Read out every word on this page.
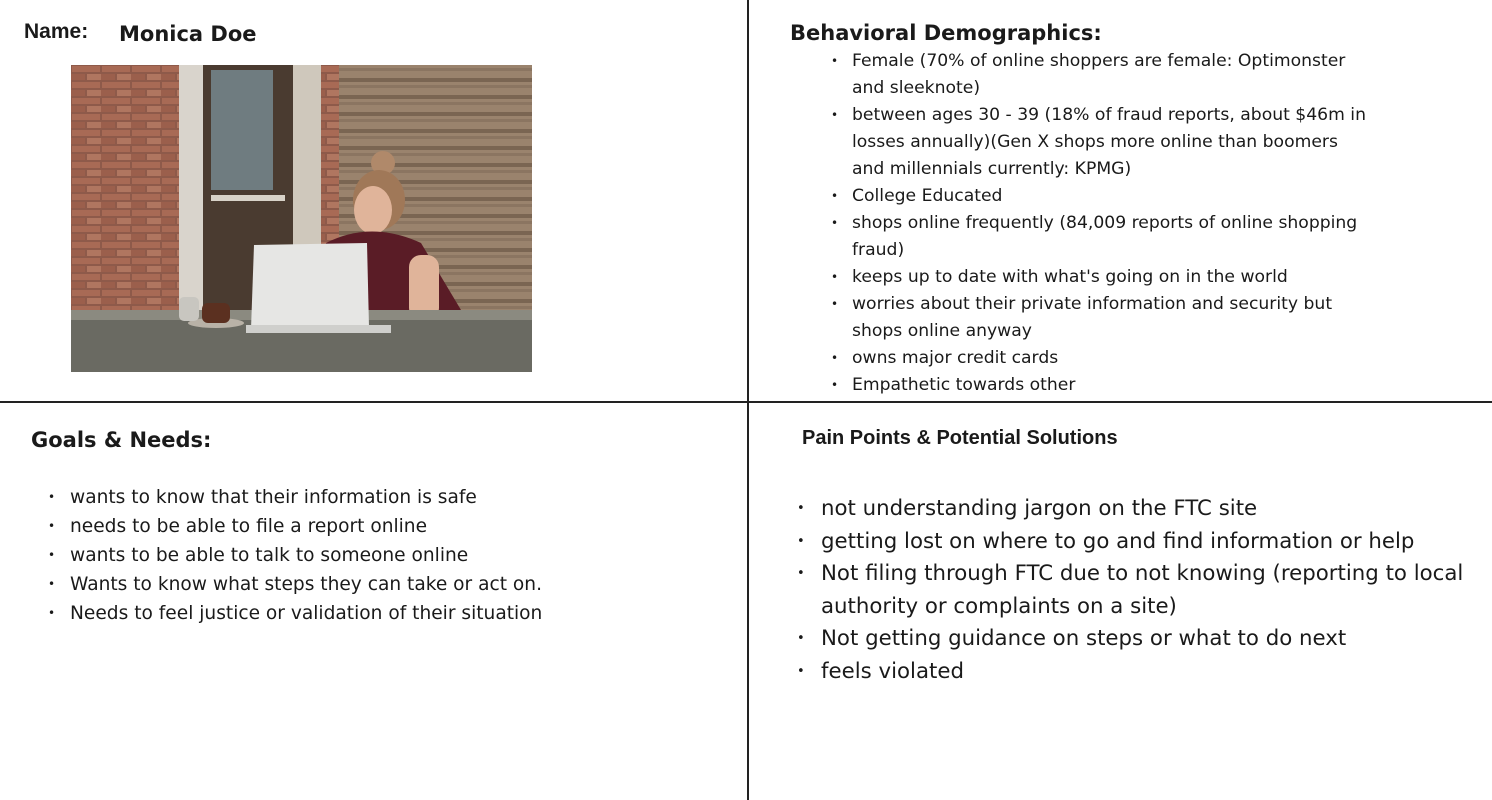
Name: Monica Doe	Behavioral Demographics:
• Female (70% of online shoppers are female: Optimonster and sleeknote)
• between ages 30 - 39 (18% of fraud reports, about $46m in losses annually)(Gen X shops more online than boomers and millennials currently: KPMG)
• College Educated
• shops online frequently (84,009 reports of online shopping fraud)
• keeps up to date with what's going on in the world
• worries about their private information and security but shops online anyway
• owns major credit cards
• Empathetic towards other
Goals & Needs:
• wants to know that their information is safe
• needs to be able to file a report online
• wants to be able to talk to someone online
• Wants to know what steps they can take or act on.
• Needs to feel justice or validation of their situation
Pain Points & Potential Solutions
• not understanding jargon on the FTC site
• getting lost on where to go and find information or help
• Not filing through FTC due to not knowing (reporting to local authority or complaints on a site)
• Not getting guidance on steps or what to do next
• feels violated
